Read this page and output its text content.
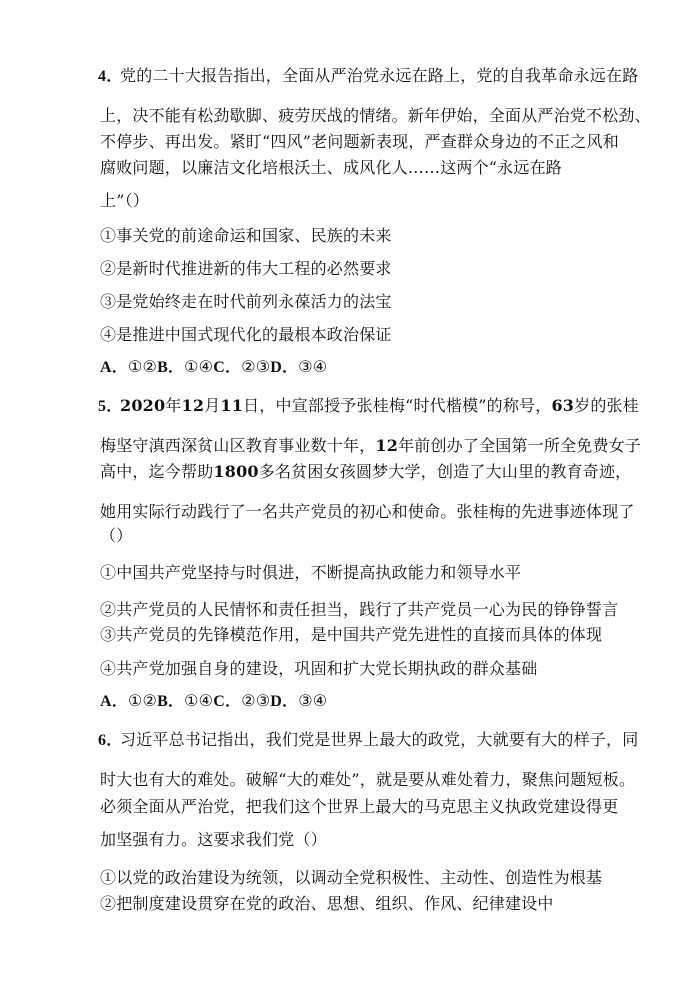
4．党的二十大报告指出，全面从严治党永远在路上，党的自我革命永远在路
上，决不能有松劲歇脚、疲劳厌战的情绪。新年伊始，全面从严治党不松劲、
不停步、再出发。紧盯“四风”老问题新表现，严查群众身边的不正之风和
腐败问题，以廉洁文化培根沃土、成风化人……这两个“永远在路
上”（）
①事关党的前途命运和国家、民族的未来
②是新时代推进新的伟大工程的必然要求
③是党始终走在时代前列永葆活力的法宝
④是推进中国式现代化的最根本政治保证
A．①②B．①④C．②③D．③④
5．2020年12月11日，中宣部授予张桂梅“时代楷模”的称号，63岁的张桂
梅坚守滇西深贫山区教育事业数十年，12年前创办了全国第一所全免费女子
高中，迄今帮助1800多名贫困女孩圆梦大学，创造了大山里的教育奇迹，
她用实际行动践行了一名共产党员的初心和使命。张桂梅的先进事迹体现了
（）
①中国共产党坚持与时俱进，不断提高执政能力和领导水平
②共产党员的人民情怀和责任担当，践行了共产党员一心为民的铮铮誓言
③共产党员的先锋模范作用，是中国共产党先进性的直接而具体的体现
④共产党加强自身的建设，巩固和扩大党长期执政的群众基础
A．①②B．①④C．②③D．③④
6．习近平总书记指出，我们党是世界上最大的政党，大就要有大的样子，同
时大也有大的难处。破解“大的难处”，就是要从难处着力，聚焦问题短板。
必须全面从严治党，把我们这个世界上最大的马克思主义执政党建设得更
加坚强有力。这要求我们党（）
①以党的政治建设为统领，以调动全党积极性、主动性、创造性为根基
②把制度建设贯穿在党的政治、思想、组织、作风、纪律建设中
